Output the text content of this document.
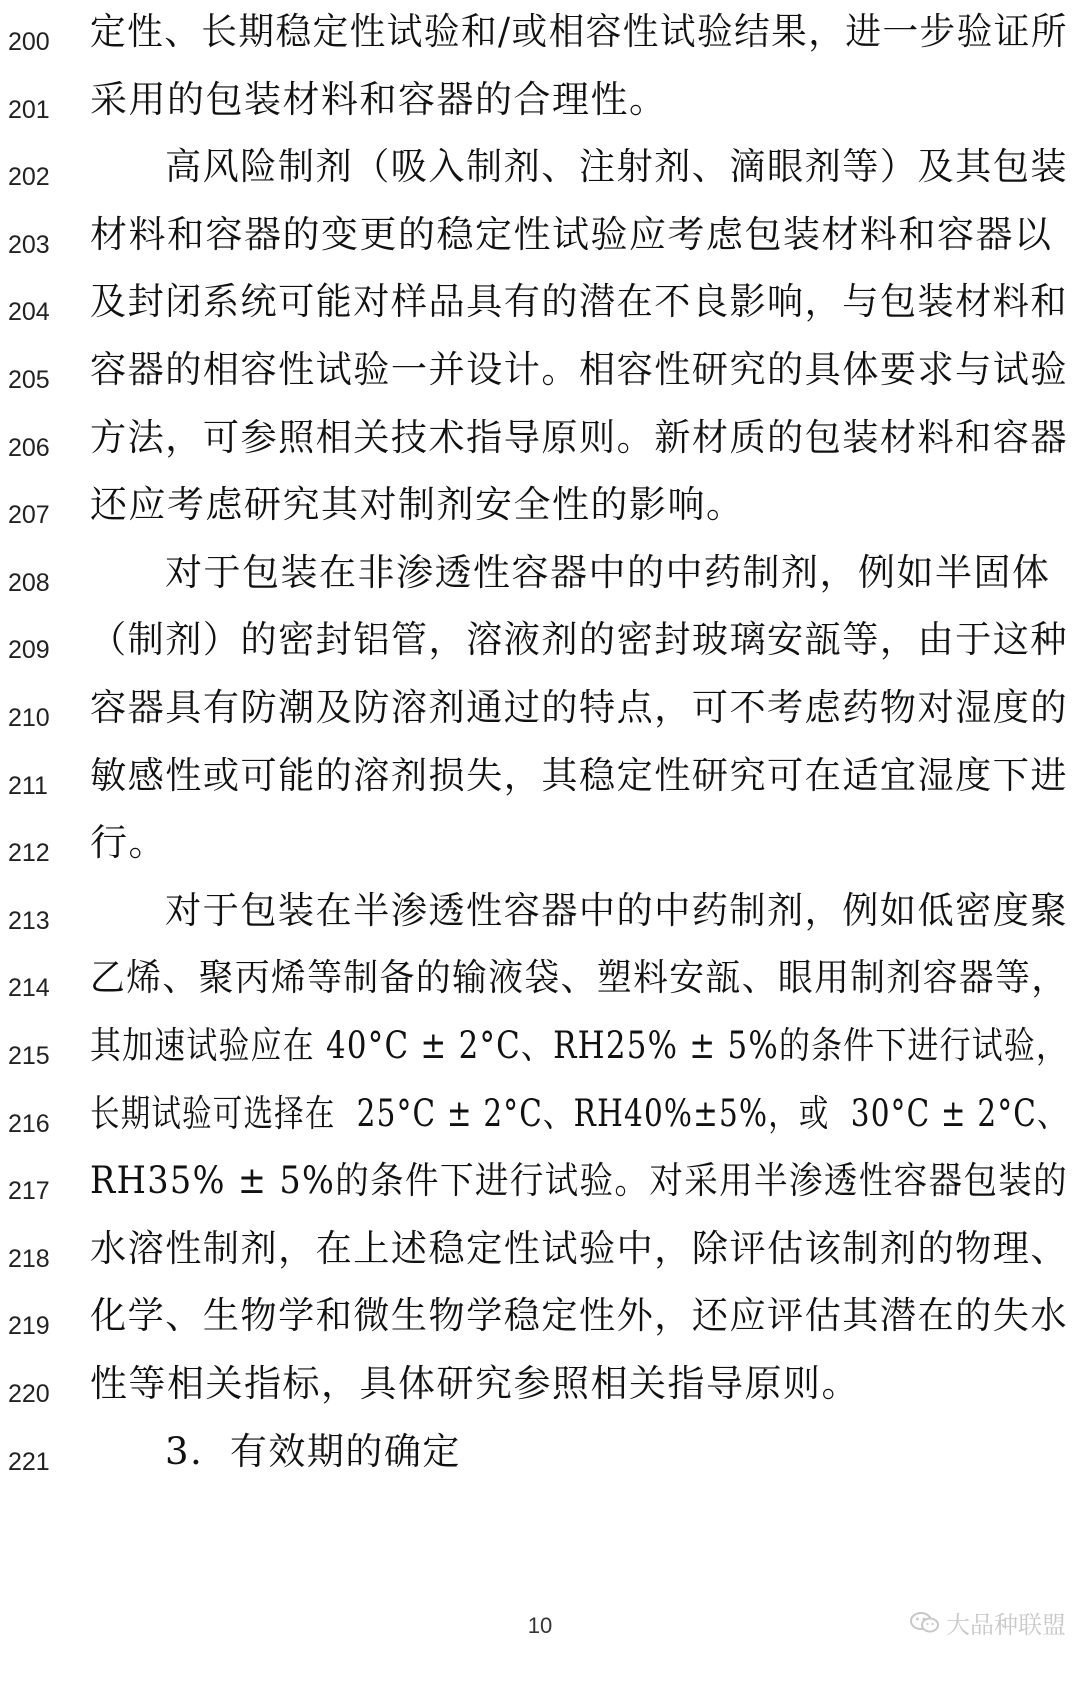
200 定性、长期稳定性试验和/或相容性试验结果，进一步验证所
201 采用的包装材料和容器的合理性。
202	高风险制剂（吸入制剂、注射剂、滴眼剂等）及其包装
203 材料和容器的变更的稳定性试验应考虑包装材料和容器以
204 及封闭系统可能对样品具有的潜在不良影响，与包装材料和
205 容器的相容性试验一并设计。相容性研究的具体要求与试验
206 方法，可参照相关技术指导原则。新材质的包装材料和容器
207 还应考虑研究其对制剂安全性的影响。
208	对于包装在非渗透性容器中的中药制剂，例如半固体
209 （制剂）的密封铝管，溶液剂的密封玻璃安瓿等，由于这种
210 容器具有防潮及防溶剂通过的特点，可不考虑药物对湿度的
211 敏感性或可能的溶剂损失，其稳定性研究可在适宜湿度下进
212 行。
213	对于包装在半渗透性容器中的中药制剂，例如低密度聚
214 乙烯、聚丙烯等制备的输液袋、塑料安瓿、眼用制剂容器等，
215 其加速试验应在 40°C ± 2°C、RH25% ± 5%的条件下进行试验，
216 长期试验可选择在  25°C ± 2°C、RH40%±5%，或  30°C ± 2°C、
217 RH35% ± 5%的条件下进行试验。对采用半渗透性容器包装的
218 水溶性制剂，在上述稳定性试验中，除评估该制剂的物理、
219 化学、生物学和微生物学稳定性外，还应评估其潜在的失水
220 性等相关指标，具体研究参照相关指导原则。
221	3.  有效期的确定
10	大品种联盟
